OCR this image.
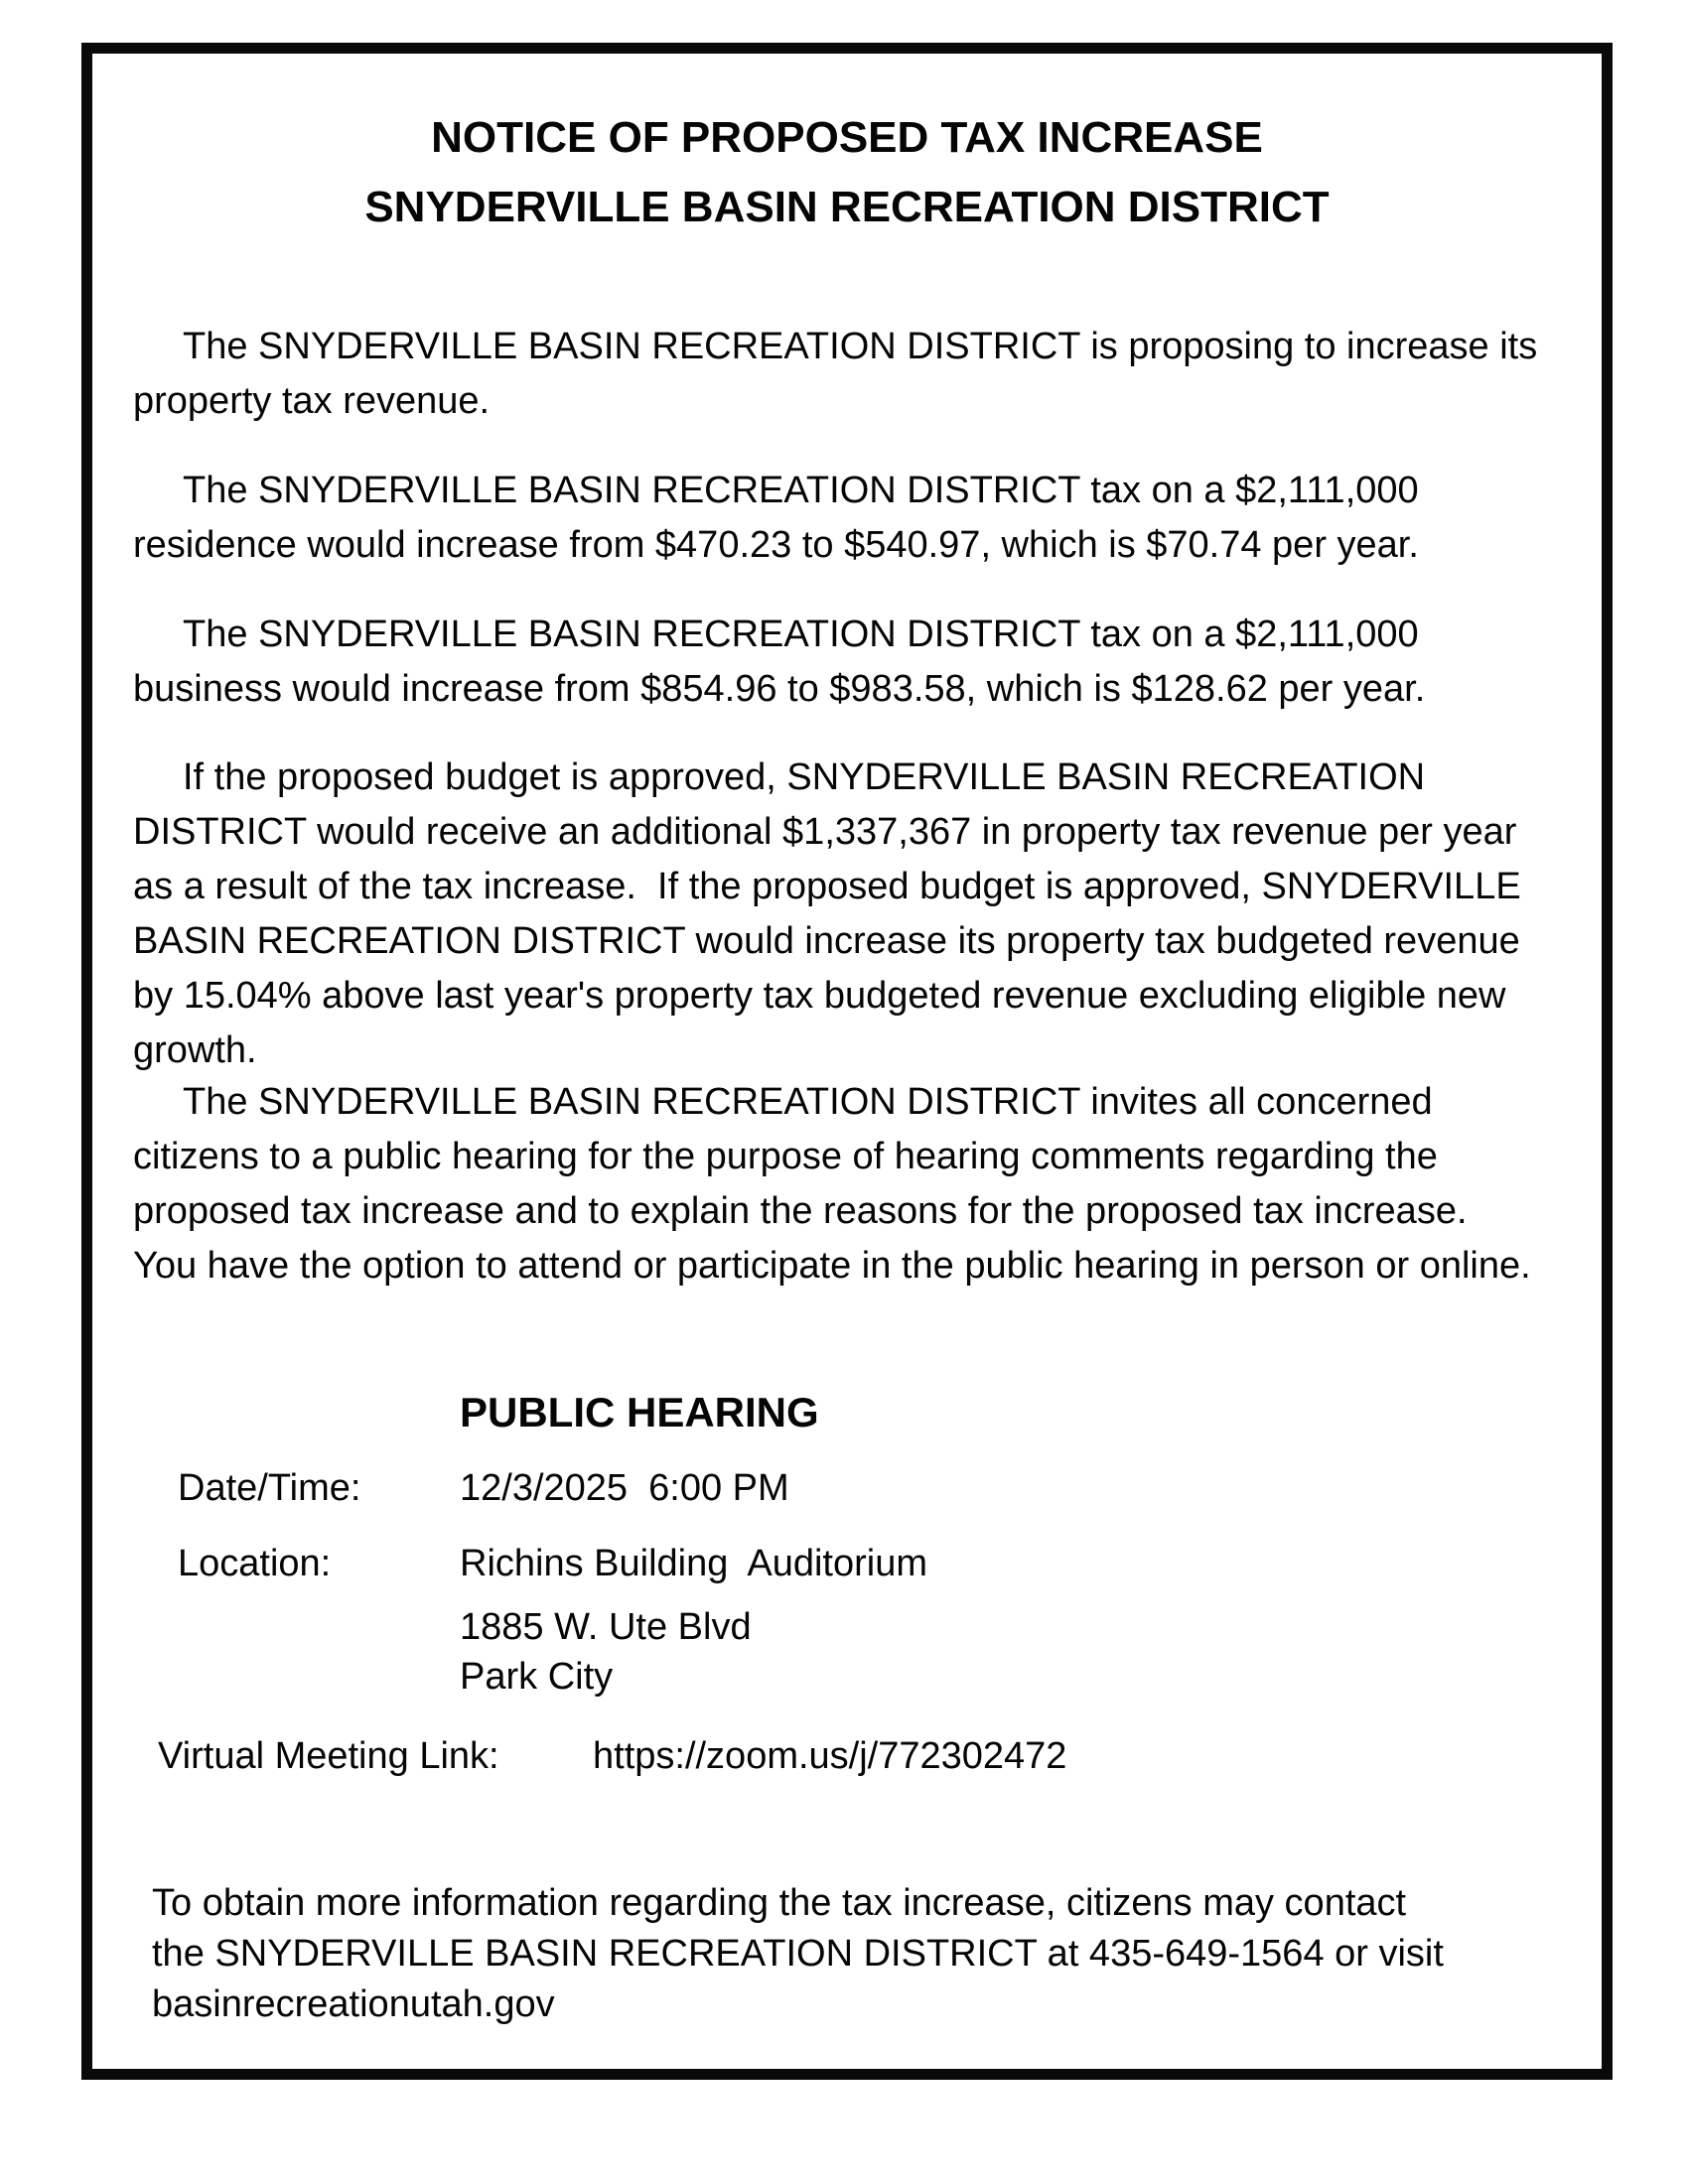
NOTICE OF PROPOSED TAX INCREASE
SNYDERVILLE BASIN RECREATION DISTRICT

The SNYDERVILLE BASIN RECREATION DISTRICT is proposing to increase its property tax revenue.

The SNYDERVILLE BASIN RECREATION DISTRICT tax on a $2,111,000 residence would increase from $470.23 to $540.97, which is $70.74 per year.

The SNYDERVILLE BASIN RECREATION DISTRICT tax on a $2,111,000 business would increase from $854.96 to $983.58, which is $128.62 per year.

If the proposed budget is approved, SNYDERVILLE BASIN RECREATION DISTRICT would receive an additional $1,337,367 in property tax revenue per year as a result of the tax increase.  If the proposed budget is approved, SNYDERVILLE BASIN RECREATION DISTRICT would increase its property tax budgeted revenue by 15.04% above last year's property tax budgeted revenue excluding eligible new growth.

The SNYDERVILLE BASIN RECREATION DISTRICT invites all concerned citizens to a public hearing for the purpose of hearing comments regarding the proposed tax increase and to explain the reasons for the proposed tax increase.  You have the option to attend or participate in the public hearing in person or online.

PUBLIC HEARING
Date/Time:	12/3/2025  6:00 PM
Location:	Richins Building  Auditorium
1885 W. Ute Blvd
Park City
Virtual Meeting Link: https://zoom.us/j/772302472

To obtain more information regarding the tax increase, citizens may contact the SNYDERVILLE BASIN RECREATION DISTRICT at 435-649-1564 or visit basinrecreationutah.gov
